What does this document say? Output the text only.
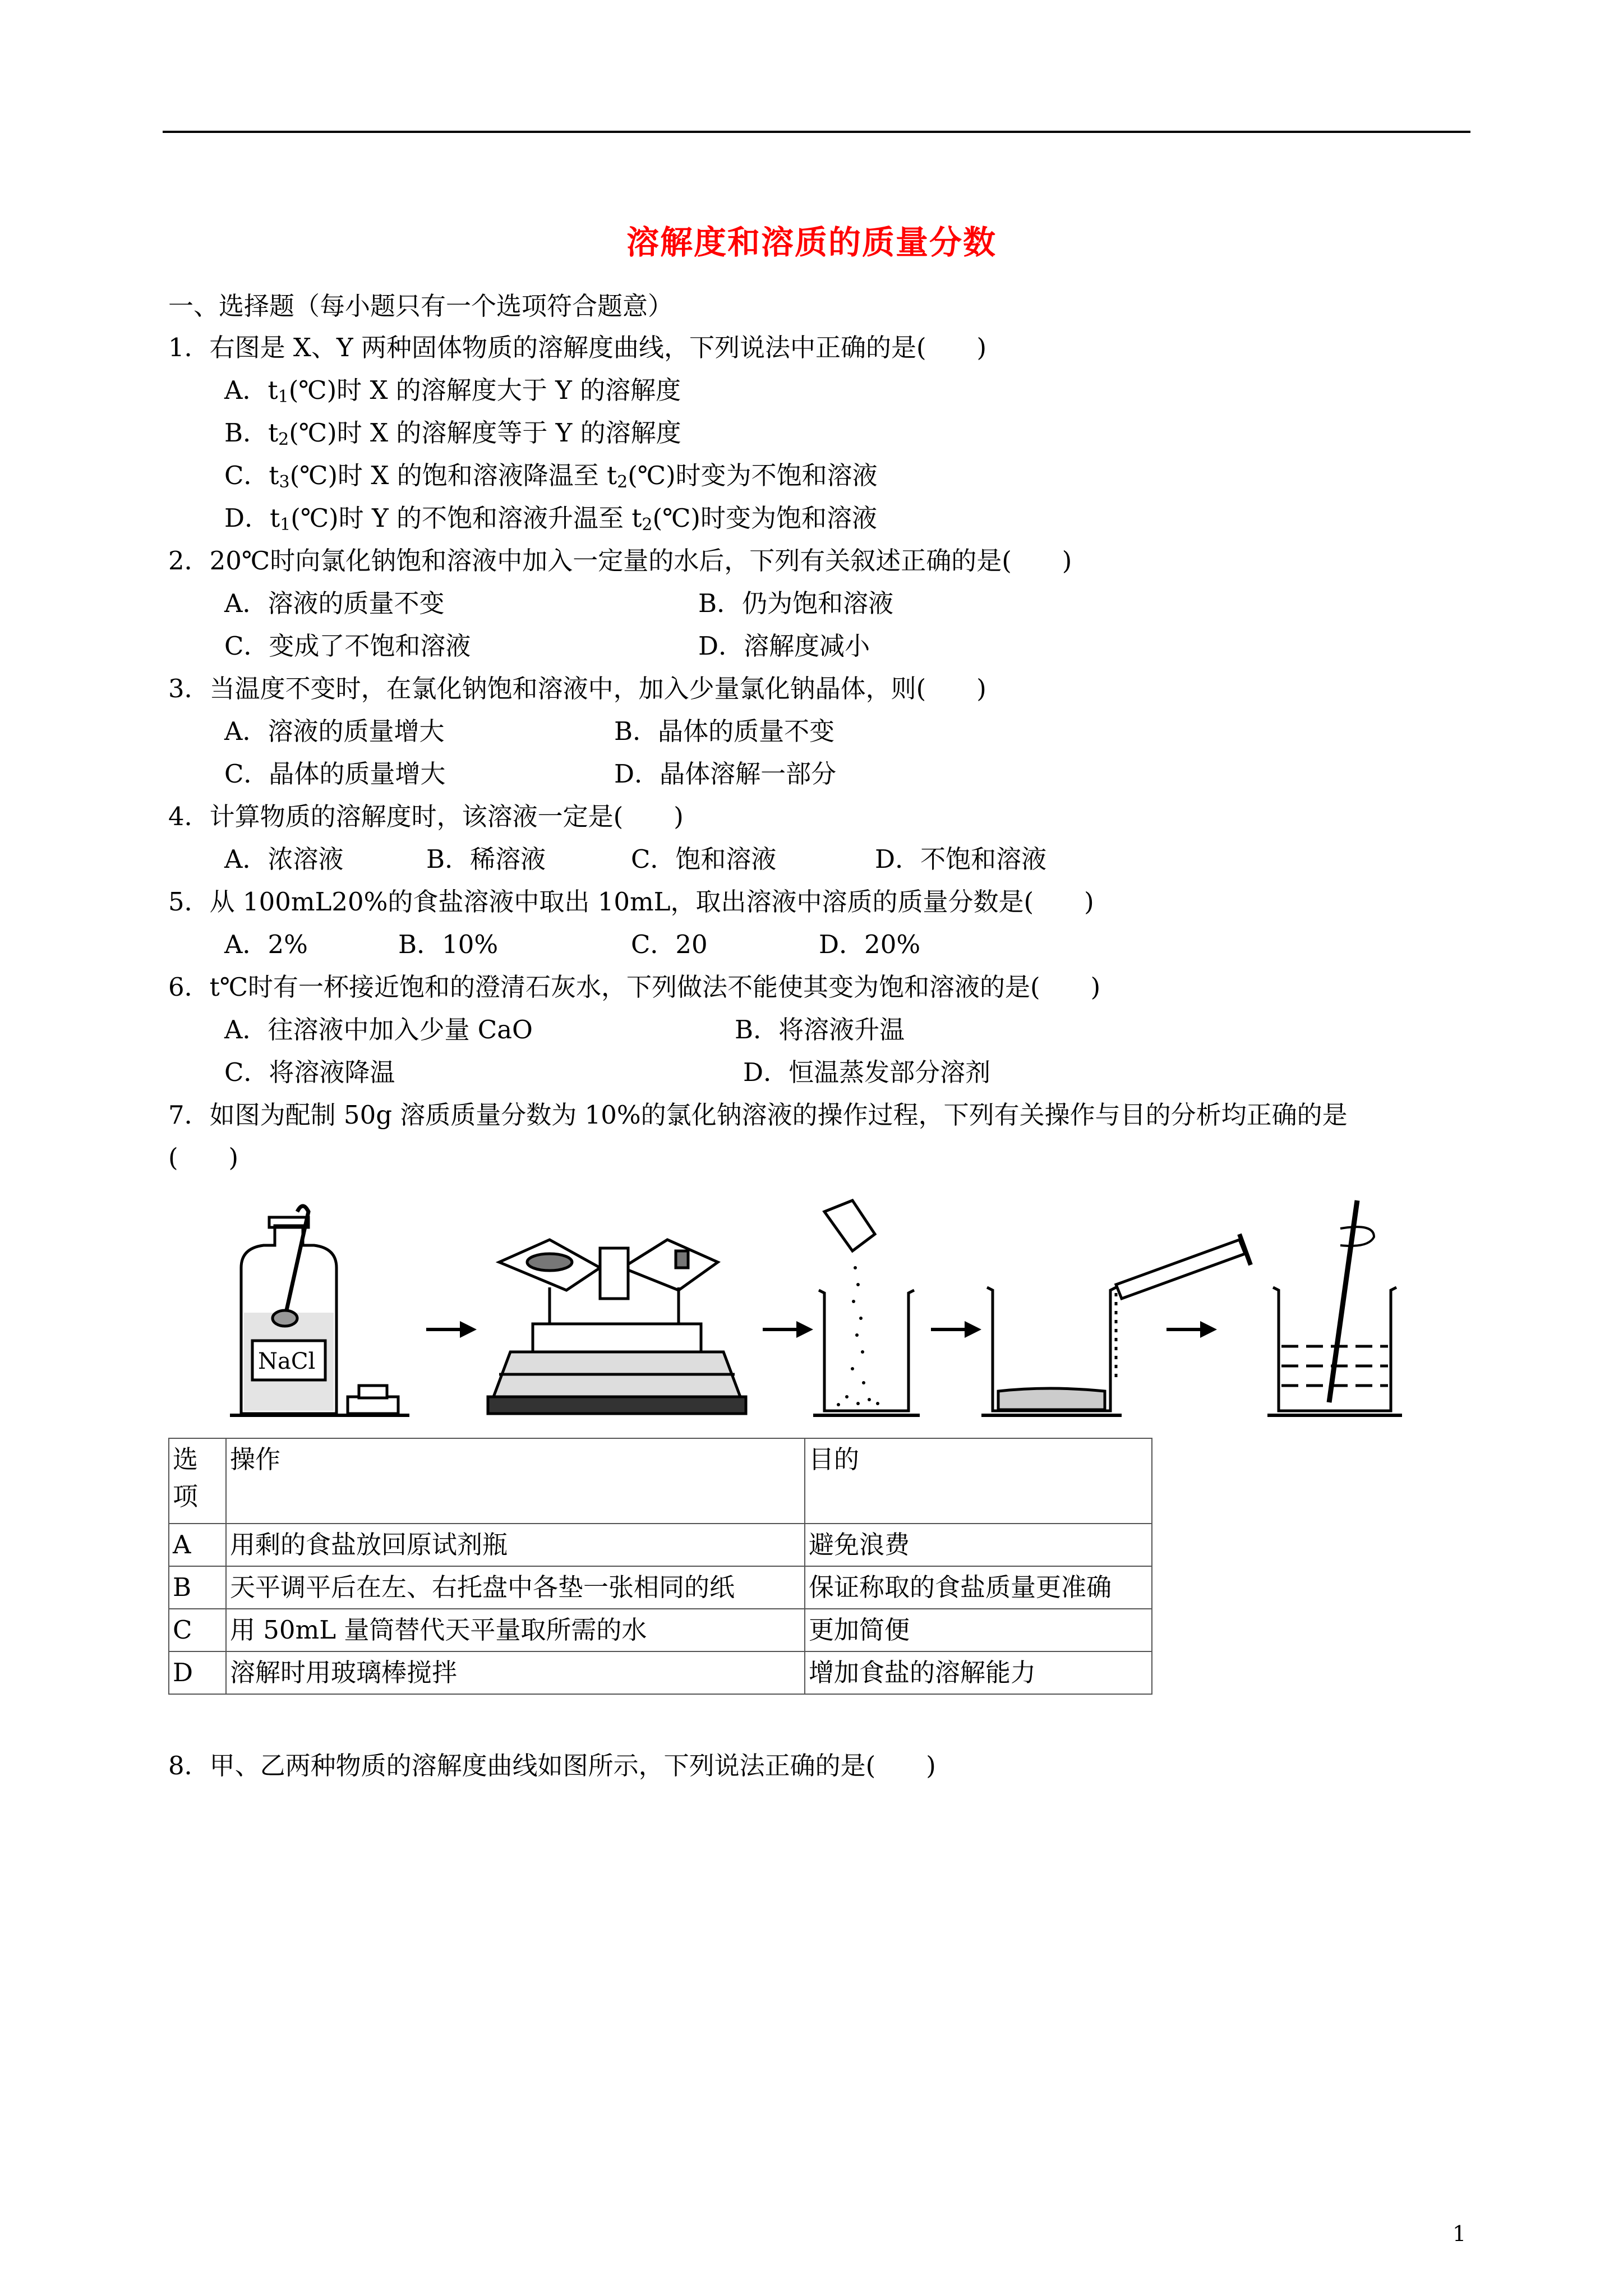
溶解度和溶质的质量分数
一、选择题（每小题只有一个选项符合题意）
1．右图是 X、Y 两种固体物质的溶解度曲线，下列说法中正确的是(　　)
A．$t_1(℃)$时 X 的溶解度大于 Y 的溶解度
B．$t_2(℃)$时 X 的溶解度等于 Y 的溶解度
C．$t_3(℃)$时 X 的饱和溶液降温至 $t_2(℃)$时变为不饱和溶液
D．$t_1(℃)$时 Y 的不饱和溶液升温至 $t_2(℃)$时变为饱和溶液
2．20℃时向氯化钠饱和溶液中加入一定量的水后，下列有关叙述正确的是(　　)
A．溶液的质量不变	B．仍为饱和溶液
C．变成了不饱和溶液	D．溶解度减小
3．当温度不变时，在氯化钠饱和溶液中，加入少量氯化钠晶体，则(　　)
A．溶液的质量增大	B．晶体的质量不变
C．晶体的质量增大	D．晶体溶解一部分
4．计算物质的溶解度时，该溶液一定是(　　)
A．浓溶液	B．稀溶液	C．饱和溶液	D．不饱和溶液
5．从 100mL20%的食盐溶液中取出 10mL，取出溶液中溶质的质量分数是(　　)
A．2%	B．10%	C．20	D．20%
6．t℃时有一杯接近饱和的澄清石灰水，下列做法不能使其变为饱和溶液的是(　　)
A．往溶液中加入少量 CaO	B．将溶液升温
C．将溶液降温	D．恒温蒸发部分溶剂
7．如图为配制 50g 溶质质量分数为 10%的氯化钠溶液的操作过程，下列有关操作与目的分析均正确的是
(　　)
NaCl
选项	操作	目的
A	用剩的食盐放回原试剂瓶	避免浪费
B	天平调平后在左、右托盘中各垫一张相同的纸	保证称取的食盐质量更准确
C	用 50mL 量筒替代天平量取所需的水	更加简便
D	溶解时用玻璃棒搅拌	增加食盐的溶解能力
8．甲、乙两种物质的溶解度曲线如图所示，下列说法正确的是(　　)
1
